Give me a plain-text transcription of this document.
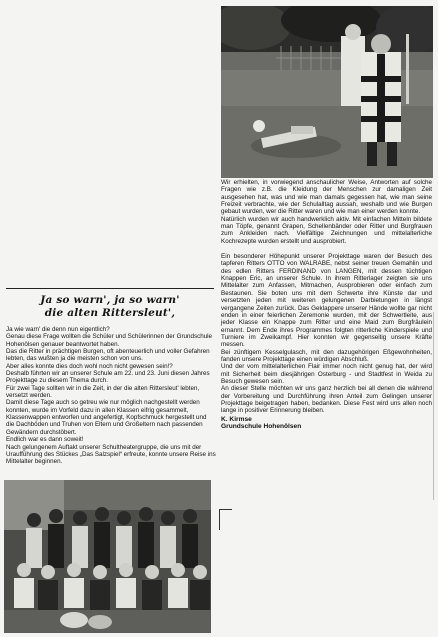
Wir erhielten, in vorwiegend anschaulicher Weise, Antworten auf solche Fragen wie z.B. die Kleidung der Menschen zur damaligen Zeit ausgesehen hat, was und wie man damals gegessen hat, wie man seine Freizeit verbrachte, wie der Schulalltag aussah, weshalb und wie Burgen gebaut wurden, wer die Ritter waren und wie man einer werden konnte.

Natürlich wurden wir auch handwerklich aktiv. Mit einfachen Mitteln bildete man Töpfe, genannt Grapen, Schellenbänder oder Ritter und Burgfrauen zum Ankleiden nach. Vielfältige Zeichnungen und mittelalterliche Kochrezepte wurden erstellt und ausprobiert.

Ein besonderer Höhepunkt unserer Projekttage waren der Besuch des tapferen Ritters OTTO von WALRABE, nebst seiner treuen Gemahlin und des edlen Ritters FERDINAND von LANGEN, mit dessen tüchtigen Knappen Eric, an unserer Schule. In ihrem Ritterlager zeigten sie uns Mittelalter zum Anfassen, Mitmachen, Ausprobieren oder einfach zum Bestaunen. Sie boten uns mit dem Schwerte ihre Künste dar und versetzten jeden mit weiteren gelungenen Darbietungen in längst vergangene Zeiten zurück. Das Geklappere unserer Hände wollte gar nicht enden in einer feierlichen Zeremonie wurden, mit der Schwertleite, aus jeder Klasse ein Knappe zum Ritter und eine Maid zum Burgfräulein ernannt. Dem Ende ihres Programmes folgten ritterliche Kinderspiele und Turniere im Zweikampf. Hier konnten wir gegenseitig unsere Kräfte messen.

Bei zünftigem Kesselgulasch, mit den dazugehörigen Eßgewohnheiten, fanden unsere Projekttage einen würdigen Abschluß.

Und der vom mittelalterlichen Flair immer noch nicht genug hat, der wird mit Sicherheit beim diesjährigen Osterburg - und Stadtfest in Weida zu Besuch gewesen sein.

An dieser Stelle möchten wir uns ganz herzlich bei all denen die während der Vorbereitung und Durchführung ihren Anteil zum Gelingen unserer Projekttage beigetragen haben, bedanken. Diese Fest wird uns allen noch lange in positiver Erinnerung bleiben.

K. Kirmse
Grundschule Hohenölsen
Ja so warn', ja so warn'
die alten Rittersleut',

Ja wie warn' die denn nun eigentlich?

Genau diese Frage wollten die Schüler und Schülerinnen der Grundschule Hohenölsen genauer beantwortet haben.

Das die Ritter in prächtigen Burgen, oft abenteuerlich und voller Gefahren lebten, das wußten ja die meisten schon von uns.

Aber alles konnte dies doch wohl noch nicht gewesen sein!?

Deshalb führten wir an unserer Schule am 22. und 23. Juni diesen Jahres Projekttage zu diesem Thema durch.

Für zwei Tage sollten wir in die Zeit, in der die alten Rittersleut' lebten, versetzt werden.

Damit diese Tage auch so getreu wie nur möglich nachgestellt werden konnten, wurde im Vorfeld dazu in allen Klassen eifrig gesammelt, Klassenwappen entworfen und angefertigt, Kopfschmuck hergestellt und die Dachböden und Truhen von Eltern und Großeltern nach passenden Gewändern durchstöbert.

Endlich war es dann soweit!

Nach gelungenem Auftakt unserer Schultheatergruppe, die uns mit der Uraufführung des Stückes „Das Salzspiel“ erfreute, konnte unsere Reise ins Mittelalter beginnen.
